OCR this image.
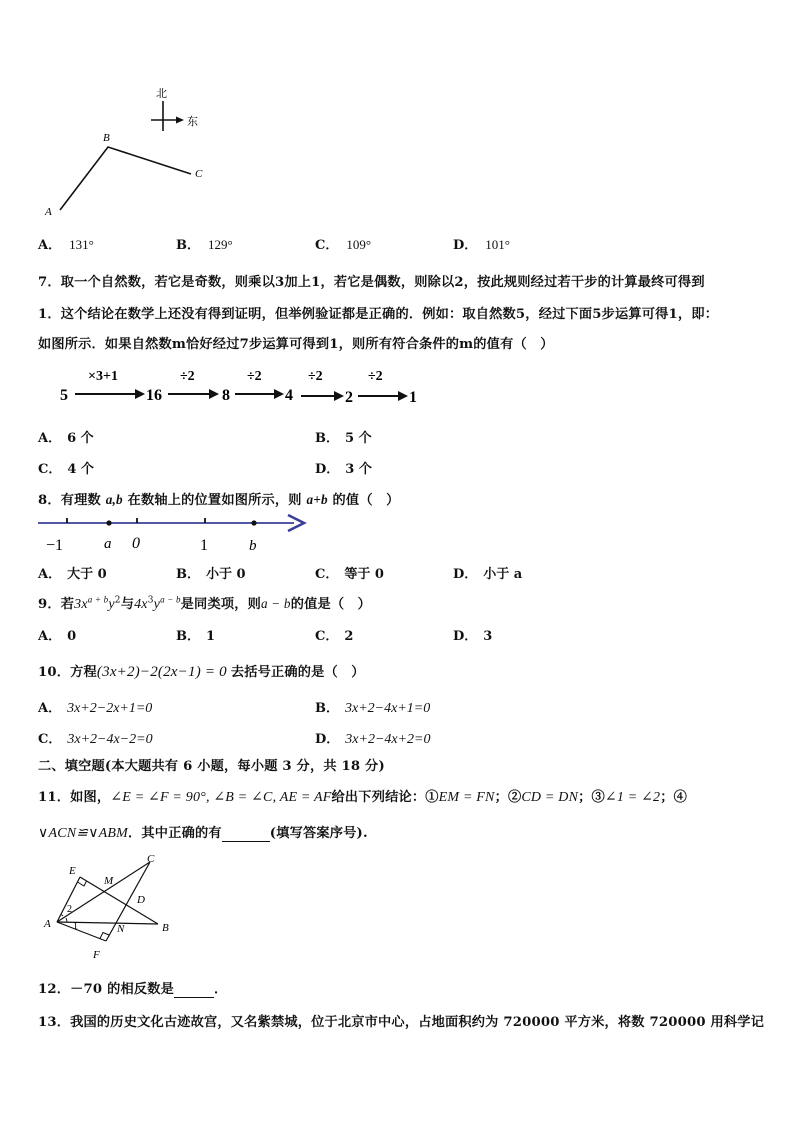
北
东
A
B
C
A． 131°	B． 129°	C． 109°	D． 101°
7．取一个自然数，若它是奇数，则乘以3加上1，若它是偶数，则除以2，按此规则经过若干步的计算最终可得到
1．这个结论在数学上还没有得到证明，但举例验证都是正确的．例如：取自然数5，经过下面5步运算可得1，即：
如图所示．如果自然数m恰好经过7步运算可得到1，则所有符合条件的m的值有（　）
5
×3+1
16
÷2
8
÷2
4
÷2
2
÷2
1
A． 6 个	B． 5 个
C． 4 个	D． 3 个
8．有理数 a,b 在数轴上的位置如图所示，则 a+b 的值（　）
−1	a 0	1	b
A． 大于 0	B． 小于 0	C． 等于 0	D． 小于 a
9．若$3x^{a + b}y^2$与$4x^3y^{a - b}$是同类项，则a − b的值是（　）
A． 0	B． 1	C． 2	D． 3
10．方程(3x+2)−2(2x−1) = 0 去括号正确的是（　）
A． 3x+2−2x+1=0	B． 3x+2−4x+1=0
C． 3x+2−4x−2=0	D． 3x+2−4x+2=0
二、填空题(本大题共有 6 小题，每小题 3 分，共 18 分)
11．如图，∠E = ∠F = 90°, ∠B = ∠C, AE = AF给出下列结论：①EM = FN；②CD = DN；③∠1 = ∠2；④
∨ACN≌∨ABM．其中正确的有	(填写答案序号).
E
M
C
D
A	N	B
F
1
2
12．－70 的相反数是	．
13．我国的历史文化古迹故宫，又名紫禁城，位于北京市中心，占地面积约为 720000 平方米，将数 720000 用科学记
